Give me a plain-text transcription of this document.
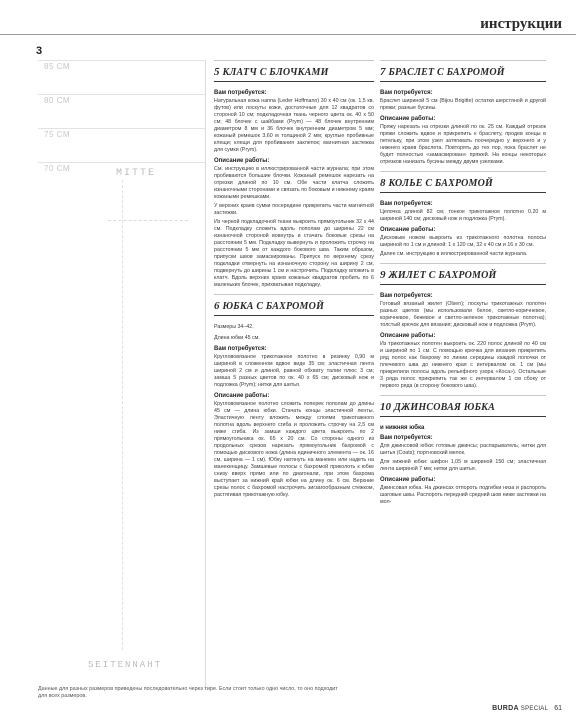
инструкции
3
85 CM
80 CM
75 CM
70 CM	MITTE
SEITENNAHT
5 КЛАТЧ С БЛОЧКАМИ
Вам потребуется:

Натуральная кожа наппа (Leder Hoffmann) 30 х 40 см (ок. 1,5 кв. футов) или лоскуты кожи, достаточные для 12 квадратов со стороной 10 см; подкладочная ткань черного цвета ок. 40 х 50 см; 48 блочек с шайбами (Prym) — 48 блочек внутренним диаметром 8 мм и 36 блочек внутренним диаметром 5 мм; кожаный ремешок 3,60 м толщиной 2 мм; круглые пробивные клещи; клещи для пробивания заклепок; магнитная застежка для сумки (Prym).

Описание работы:

См. инструкцию в иллюстрированной части журнала; при этом пробиваются большие блочки. Кожаный ремешок нарезать на отрезки длиной по 10 см. Обе части клатча сложить изнаночными сторонами и связать по боковым и нижнему краям кожаными ремешками.

У верхних краев сумки посередине прикрепить части магнитной застежки.

Из черной подкладочной ткани выкроить прямоугольник 32 х 44 см. Подкладку сложить вдоль пополам до ширины 22 см изнаночной стороной вовнутрь и стачать боковые срезы на расстоянии 5 мм. Подкладку вывернуть и проложить строчку на расстоянии 5 мм от каждого бокового шва. Таким образом, припуски швов замаскированы. Припуск по верхнему срезу подкладки отвернуть на изнаночную сторону на ширину 2 см, подвернуть до ширины 1 см и настрочить. Подкладку вложить в клатч. Вдоль верхних краев кожаных квадратов пробить по 6 маленьких блочек, прихватывая подкладку.

6 ЮБКА С БАХРОМОЙ
Размеры 34–42.
Длина юбки 45 см.
Вам потребуется:

Круглововязаное трикотажное полотно в резинку 0,90 м шириной в сложенном вдвое виде 35 см; эластичная лента шириной 2 см и длиной, равной обхвату талии плюс 3 см; замша 5 разных цветов по ок. 40 х 65 см; дисковый нож и подложка (Prym); нитки для шитья.

Описание работы:

Круглововязаное полотно сложить поперек пополам до длины 45 см — длина юбки. Стачать концы эластичной ленты. Эластичную ленту вложить между слоями трикотажного полотна вдоль верхнего сгиба и проложить строчку на 2,5 см ниже сгиба. Из замши каждого цвета выкроить по 2 прямоугольника ок. 65 х 20 см. Со стороны одного из продольных срезов нарезать прямоугольник бахромой с помощью дискового ножа (длина единичного элемента — ок. 16 см, ширина — 1 см). Юбку натянуть на манекен или надеть на манекенщицу. Замшевые полосы с бахромой приколоть к юбке снизу вверх прямо или по диагонали, при этом бахрома выступает за нижний край юбки на длину ок. 6 см. Верхние срезы полос с бахромой настрочить зигзагообразным стежком, растягивая трикотажную юбку.

7 БРАСЛЕТ С БАХРОМОЙ
Вам потребуется:

Браслет шириной 5 см (Bijou Brigitte) остатки шерстяной и другой пряжи; разные бусины.

Описание работы:

Пряжу нарезать на отрезки длиной по ок. 25 см. Каждый отрезок пряжи сложить вдвое и прикрепить к браслету, продев концы в петельку, при этом узел затягивать поочередно у верхнего и у нижнего краев браслета. Повторять до тех пор, пока браслет не будет полностью «замаскирован» пряжей. На концы некоторых отрезков нанизать бусины между двумя узелками.

8 КОЛЬЕ С БАХРОМОЙ
Вам потребуется:

Цепочка длиной 82 см; тонкое трикотажное полотно 0,20 м шириной 140 см; дисковый нож и подложка (Prym).

Описание работы:

Дисковым ножом выкроить из трикотажного полотна полосы шириной по 1 см и длиной: 1 х 120 см, 32 х 40 см и 16 х 30 см.

Далее см. инструкцию в иллюстрированной части журнала.

9 ЖИЛЕТ С БАХРОМОЙ
Вам потребуется:

Готовый вязаный жилет (Olsen); лоскуты трикотажных полотен разных цветов (мы использовали белое, светло-коричневое, коричневое, бежевое и светло-зеленое трикотажные полотна); толстый крючок для вязания; дисковый нож и подложка (Prym).

Описание работы:

Из трикотажных полотен выкроить ок. 220 полос длиной по 40 см и шириной по 1 см. С помощью крючка для вязания прикрепить ряд полос как бахрому по линии середины каждой полочки от плечевого шва до нижнего края с интервалом ок. 1 см (мы прикрепили полосы вдоль рельефного узора «Коса»). Остальные 3 ряда полос прикрепить так же с интервалом 1 см сбоку от первого ряда (в сторону бокового шва).

10 ДЖИНСОВАЯ ЮБКА
и нижняя юбка
Вам потребуется:

Для джинсовой юбки: готовые джинсы; распарыватель; нитки для шитья (Coats); портновский мелок.

Для нижней юбки: шифон 1,05 м шириной 150 см; эластичная лента шириной 7 мм; нитки для шитья.

Описание работы:

Джинсовая юбка. На джинсах отпороть подгибки низа и распороть шаговые швы. Распороть передний средний шов ниже застежки на мол-

Данные для разных размеров приведены последовательно через тире. Если стоит только одно число, то оно подходит для всех размеров.
BURDA SPECIAL 61
